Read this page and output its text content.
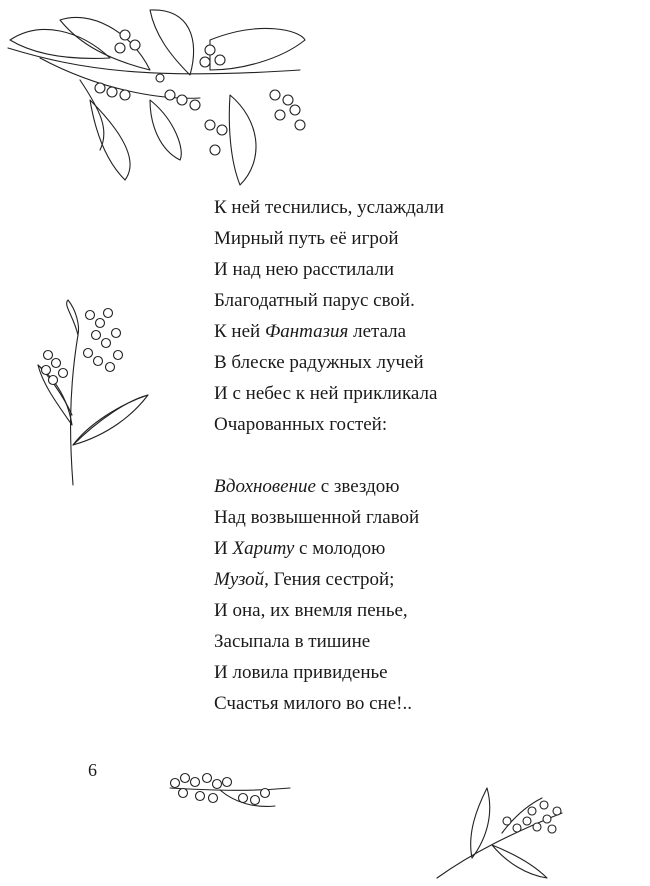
К ней теснились, услаждали
Мирный путь её игрой
И над нею расстилали
Благодатный парус свой.
К ней Фантазия летала
В блеске радужных лучей
И с небес к ней прикликала
Очарованных гостей:

Вдохновение с звездою
Над возвышенной главой
И Хариту с молодою
Музой, Гения сестрой;
И она, их внемля пенье,
Засыпала в тишине
И ловила привиденье
Счастья милого во сне!..

6
